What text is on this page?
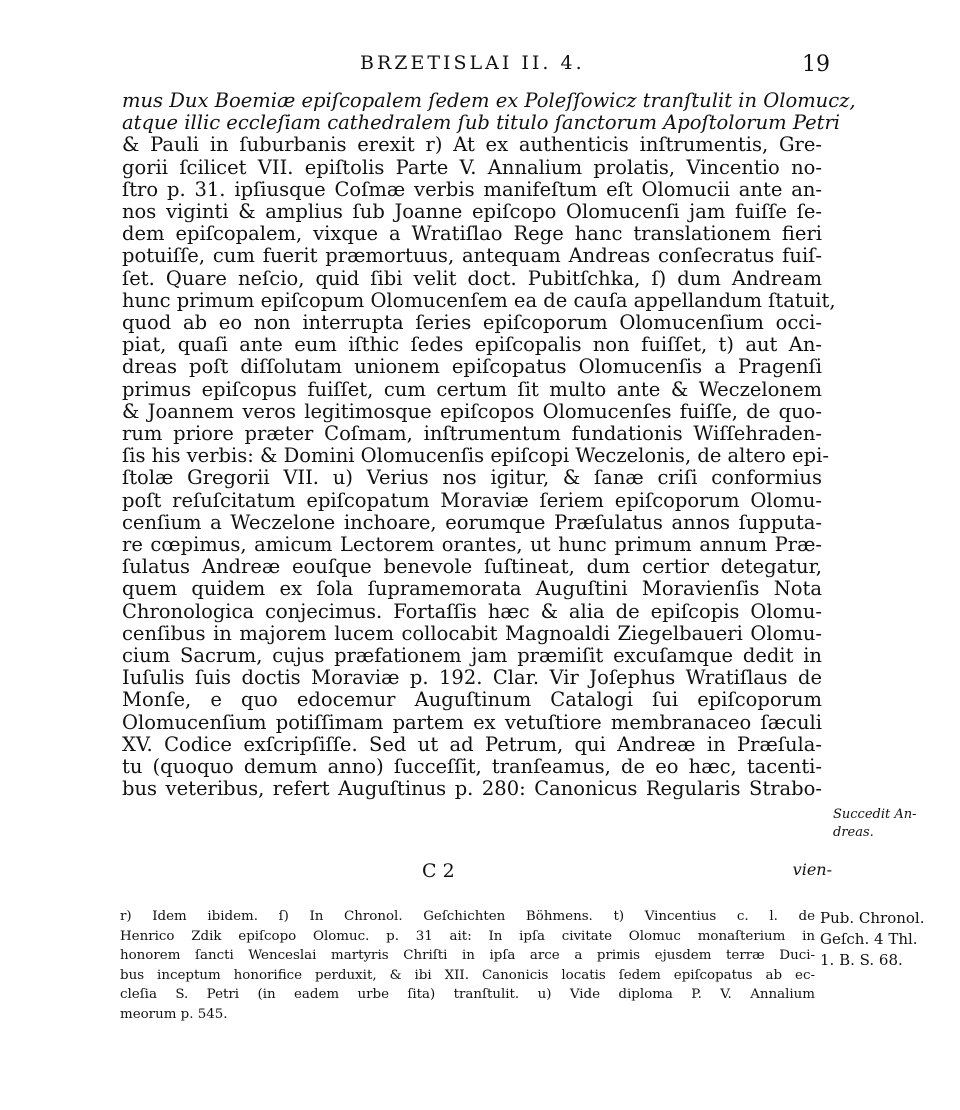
BRZETISLAI II. 4.	19
mus Dux Boemiæ epiſcopalem ſedem ex Poleſſowicz tranſtulit in Olomucz,
atque illic eccleſiam cathedralem ſub titulo ſanctorum Apoſtolorum Petri
& Pauli in ſuburbanis erexit r) At ex authenticis inſtrumentis, Gre-
gorii ſcilicet VII. epiſtolis Parte V. Annalium prolatis, Vincentio no-
ſtro p. 31. ipſiusque Coſmæ verbis manifeſtum eſt Olomucii ante an-
nos viginti & amplius ſub Joanne epiſcopo Olomucenſi jam fuiſſe ſe-
dem epiſcopalem, vixque a Wratiſlao Rege hanc translationem fieri
potuiſſe, cum fuerit præmortuus, antequam Andreas conſecratus fuiſ-
ſet. Quare neſcio, quid ſibi velit doct. Pubitſchka, ſ) dum Andream
hunc primum epiſcopum Olomucenſem ea de cauſa appellandum ſtatuit,
quod ab eo non interrupta ſeries epiſcoporum Olomucenſium occi-
piat, quaſi ante eum iſthic ſedes epiſcopalis non fuiſſet, t) aut An-
dreas poſt diſſolutam unionem epiſcopatus Olomucenſis a Pragenſi
primus epiſcopus fuiſſet, cum certum ſit multo ante & Weczelonem
& Joannem veros legitimosque epiſcopos Olomucenſes fuiſſe, de quo-
rum priore præter Coſmam, inſtrumentum fundationis Wiſſehraden-
ſis his verbis: & Domini Olomucenſis epiſcopi Weczelonis, de altero epi-
ſtolæ Gregorii VII. u) Verius nos igitur, & ſanæ criſi conformius
poſt reſuſcitatum epiſcopatum Moraviæ ſeriem epiſcoporum Olomu-
cenſium a Weczelone inchoare, eorumque Præſulatus annos ſupputa-
re cœpimus, amicum Lectorem orantes, ut hunc primum annum Præ-
ſulatus Andreæ eouſque benevole ſuſtineat, dum certior detegatur,
quem quidem ex ſola ſupramemorata Auguſtini Moravienſis Nota
Chronologica conjecimus. Fortaſſis hæc & alia de epiſcopis Olomu-
cenſibus in majorem lucem collocabit Magnoaldi Ziegelbaueri Olomu-
cium Sacrum, cujus præfationem jam præmiſit excuſamque dedit in
Iuſulis ſuis doctis Moraviæ p. 192. Clar. Vir Joſephus Wratiſlaus de
Monſe, e quo edocemur Auguſtinum Catalogi ſui epiſcoporum
Olomucenſium potiſſimam partem ex vetuſtiore membranaceo ſæculi
XV. Codice exſcripſiſſe. Sed ut ad Petrum, qui Andreæ in Præſula-
tu (quoquo demum anno) ſucceſſit, tranſeamus, de eo hæc, tacenti-
bus veteribus, refert Auguſtinus p. 280: Canonicus Regularis Strabo-
C 2	vien-
Succedit An-
dreas.
r) Idem ibidem. ſ) In Chronol. Geſchichten Böhmens. t) Vincentius c. l. de
Henrico Zdik epiſcopo Olomuc. p. 31 ait: In ipſa civitate Olomuc monaſterium in
honorem ſancti Wenceslai martyris Chriſti in ipſa arce a primis ejusdem terræ Duci-
bus inceptum honorifice perduxit, & ibi XII. Canonicis locatis ſedem epiſcopatus ab ec-
cleſia S. Petri (in eadem urbe ſita) tranſtulit. u) Vide diploma P. V. Annalium
meorum p. 545.
Pub. Chronol.
Geſch. 4 Thl.
1. B. S. 68.
